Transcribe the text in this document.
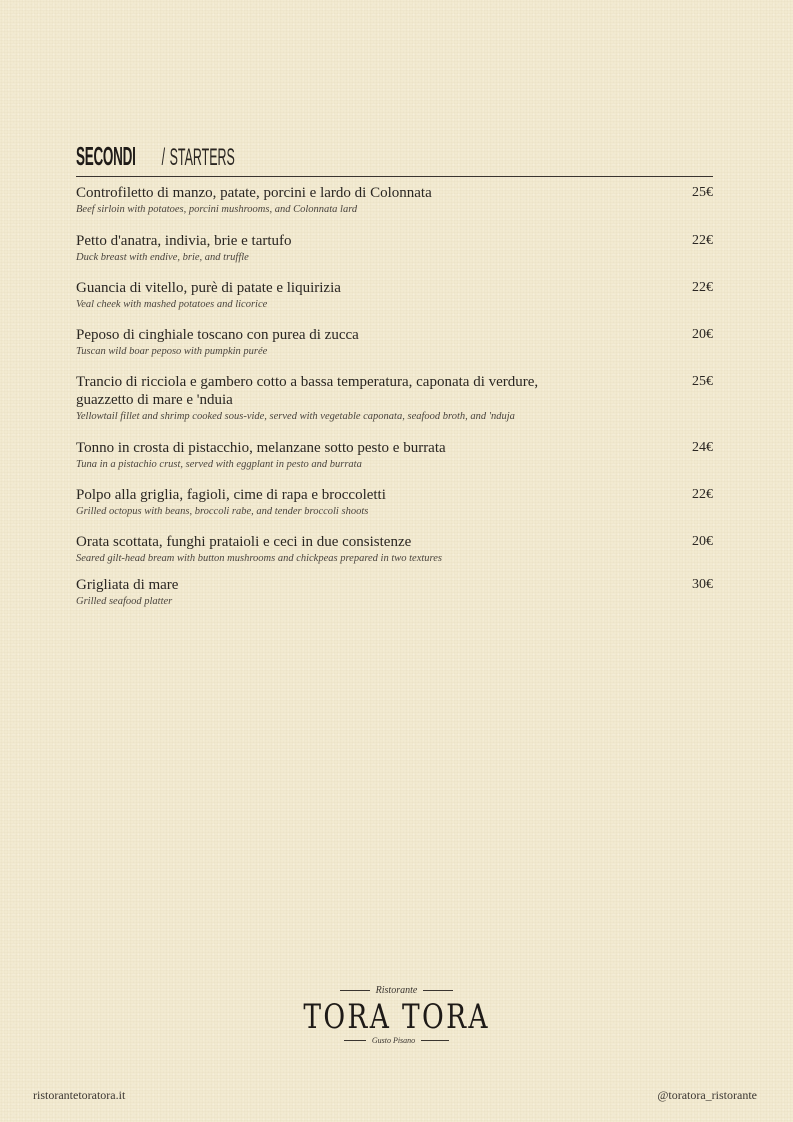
SECONDI / STARTERS
Controfiletto di manzo, patate, porcini e lardo di Colonnata
Beef sirloin with potatoes, porcini mushrooms, and Colonnata lard
25€
Petto d'anatra, indivia, brie e tartufo
Duck breast with endive, brie, and truffle
22€
Guancia di vitello, purè di patate e liquirizia
Veal cheek with mashed potatoes and licorice
22€
Peposo di cinghiale toscano con purea di zucca
Tuscan wild boar peposo with pumpkin purée
20€
Trancio di ricciola e gambero cotto a bassa temperatura, caponata di verdure, guazzetto di mare e 'nduia
Yellowtail fillet and shrimp cooked sous-vide, served with vegetable caponata, seafood broth, and 'nduja
25€
Tonno in crosta di pistacchio, melanzane sotto pesto e burrata
Tuna in a pistachio crust, served with eggplant in pesto and burrata
24€
Polpo alla griglia, fagioli, cime di rapa e broccoletti
Grilled octopus with beans, broccoli rabe, and tender broccoli shoots
22€
Orata scottata, funghi prataioli e ceci in due consistenze
Seared gilt-head bream with button mushrooms and chickpeas prepared in two textures
20€
Grigliata di mare
Grilled seafood platter
30€
Ristorante
TORA TORA
Gusto Pisano
ristorantetoratora.it	@toratora_ristorante
